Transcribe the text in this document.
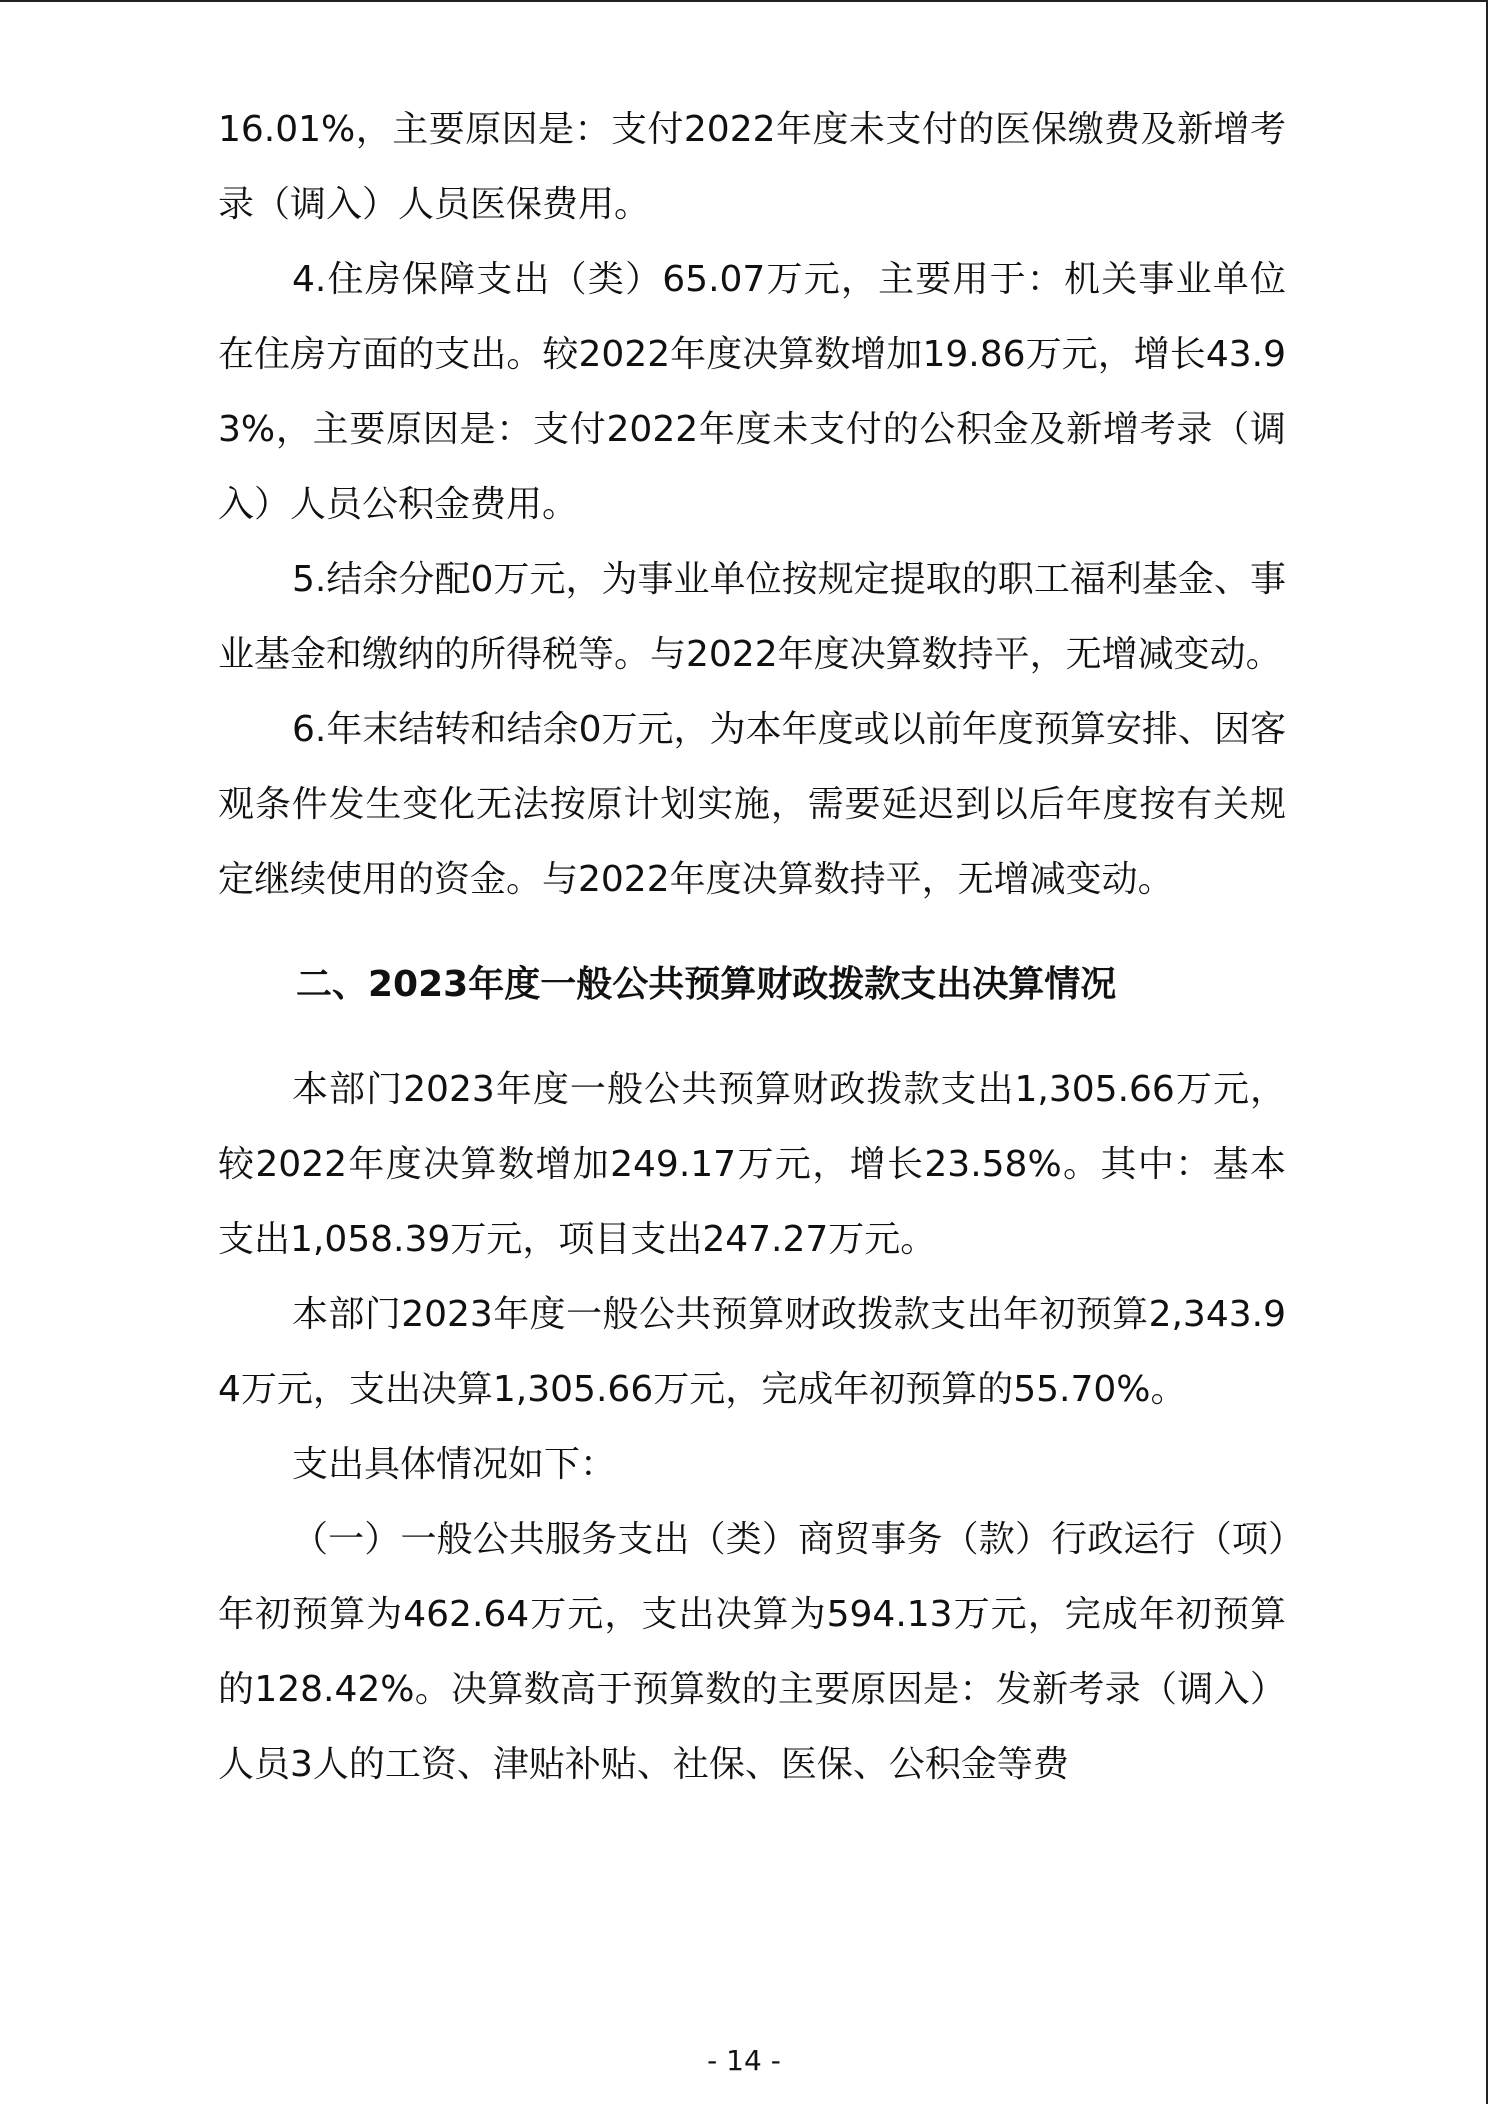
16.01%，主要原因是：支付2022年度未支付的医保缴费及新增考录（调入）人员医保费用。

4.住房保障支出（类）65.07万元，主要用于：机关事业单位在住房方面的支出。较2022年度决算数增加19.86万元，增长43.93%，主要原因是：支付2022年度未支付的公积金及新增考录（调入）人员公积金费用。

5.结余分配0万元，为事业单位按规定提取的职工福利基金、事业基金和缴纳的所得税等。与2022年度决算数持平，无增减变动。

6.年末结转和结余0万元，为本年度或以前年度预算安排、因客观条件发生变化无法按原计划实施，需要延迟到以后年度按有关规定继续使用的资金。与2022年度决算数持平，无增减变动。

二、2023年度一般公共预算财政拨款支出决算情况

本部门2023年度一般公共预算财政拨款支出1,305.66万元，较2022年度决算数增加249.17万元，增长23.58%。其中：基本支出1,058.39万元，项目支出247.27万元。

本部门2023年度一般公共预算财政拨款支出年初预算2,343.94万元，支出决算1,305.66万元，完成年初预算的55.70%。

支出具体情况如下：

（一）一般公共服务支出（类）商贸事务（款）行政运行（项）年初预算为462.64万元，支出决算为594.13万元，完成年初预算的128.42%。决算数高于预算数的主要原因是：发新考录（调入）人员3人的工资、津贴补贴、社保、医保、公积金等费

- 14 -
